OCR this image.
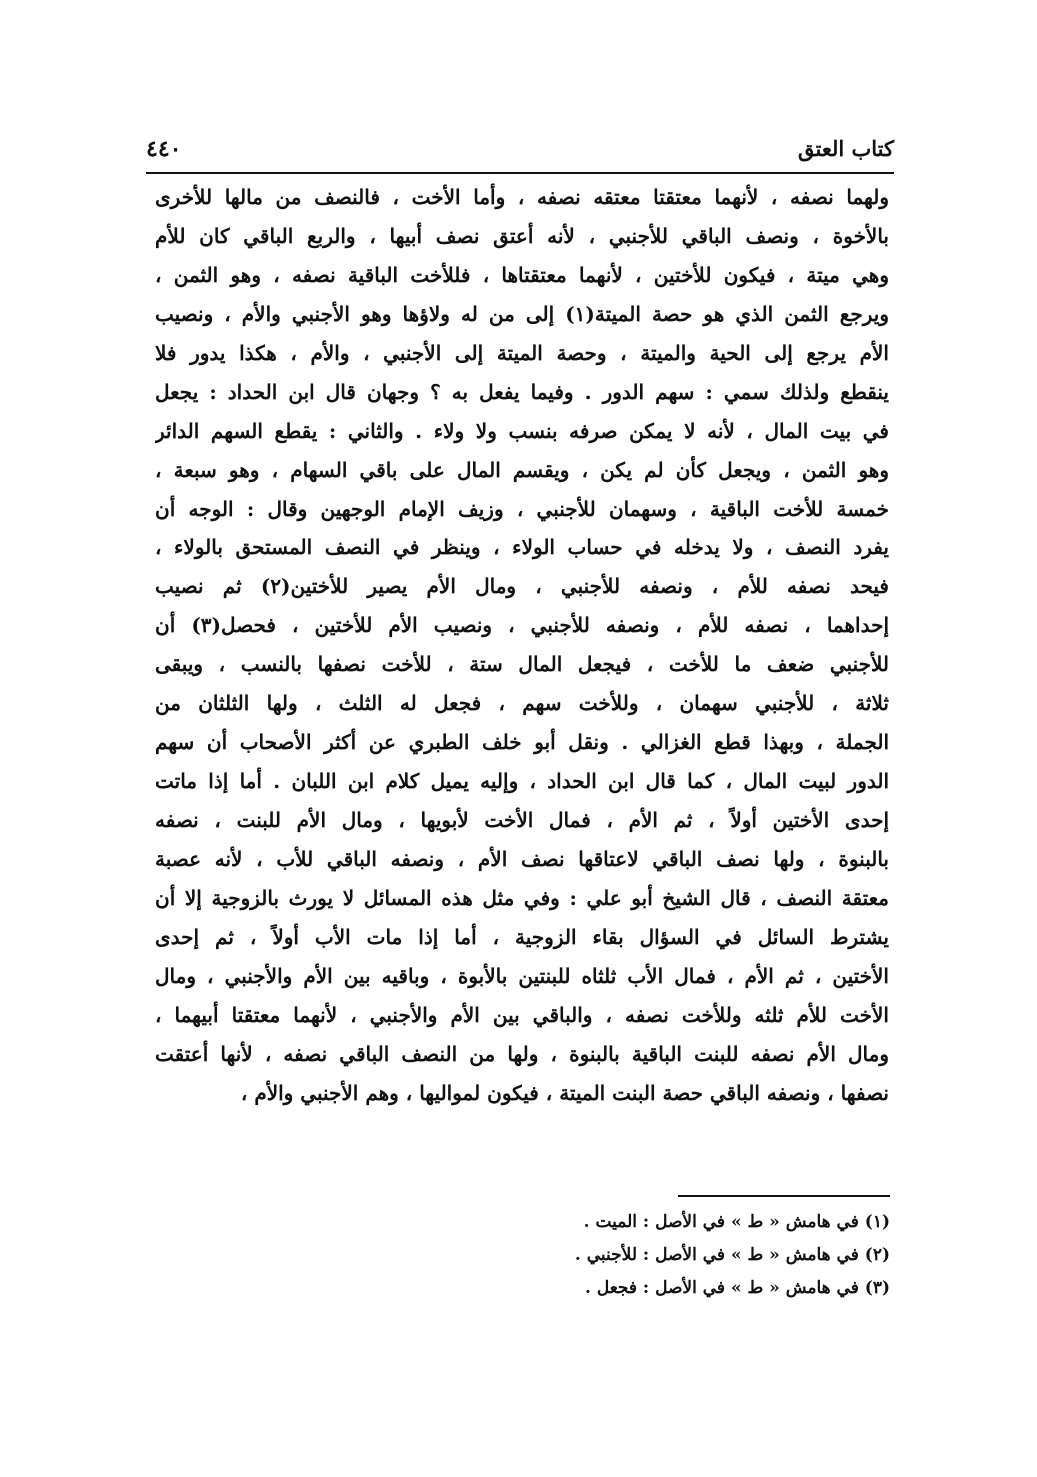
كتاب العتق
٤٤٠
ولهما نصفه ، لأنهما معتقتا معتقه نصفه ، وأما الأخت ، فالنصف من مالها للأخرى
بالأخوة ، ونصف الباقي للأجنبي ، لأنه أعتق نصف أبيها ، والربع الباقي كان للأم
وهي ميتة ، فيكون للأختين ، لأنهما معتقتاها ، فللأخت الباقية نصفه ، وهو الثمن ،
ويرجع الثمن الذي هو حصة الميتة(١) إلى من له ولاؤها وهو الأجنبي والأم ، ونصيب
الأم يرجع إلى الحية والميتة ، وحصة الميتة إلى الأجنبي ، والأم ، هكذا يدور فلا
ينقطع ولذلك سمي : سهم الدور . وفيما يفعل به ؟ وجهان قال ابن الحداد : يجعل
في بيت المال ، لأنه لا يمكن صرفه بنسب ولا ولاء . والثاني : يقطع السهم الدائر
وهو الثمن ، ويجعل كأن لم يكن ، ويقسم المال على باقي السهام ، وهو سبعة ،
خمسة للأخت الباقية ، وسهمان للأجنبي ، وزيف الإمام الوجهين وقال : الوجه أن
يفرد النصف ، ولا يدخله في حساب الولاء ، وينظر في النصف المستحق بالولاء ،
فيحد نصفه للأم ، ونصفه للأجنبي ، ومال الأم يصير للأختين(٢) ثم نصيب
إحداهما ، نصفه للأم ، ونصفه للأجنبي ، ونصيب الأم للأختين ، فحصل(٣) أن
للأجنبي ضعف ما للأخت ، فيجعل المال ستة ، للأخت نصفها بالنسب ، ويبقى
ثلاثة ، للأجنبي سهمان ، وللأخت سهم ، فجعل له الثلث ، ولها الثلثان من
الجملة ، وبهذا قطع الغزالي . ونقل أبو خلف الطبري عن أكثر الأصحاب أن سهم
الدور لبيت المال ، كما قال ابن الحداد ، وإليه يميل كلام ابن اللبان . أما إذا ماتت
إحدى الأختين أولاً ، ثم الأم ، فمال الأخت لأبويها ، ومال الأم للبنت ، نصفه
بالبنوة ، ولها نصف الباقي لاعتاقها نصف الأم ، ونصفه الباقي للأب ، لأنه عصبة
معتقة النصف ، قال الشيخ أبو علي : وفي مثل هذه المسائل لا يورث بالزوجية إلا أن
يشترط السائل في السؤال بقاء الزوجية ، أما إذا مات الأب أولاً ، ثم إحدى
الأختين ، ثم الأم ، فمال الأب ثلثاه للبنتين بالأبوة ، وباقيه بين الأم والأجنبي ، ومال
الأخت للأم ثلثه وللأخت نصفه ، والباقي بين الأم والأجنبي ، لأنهما معتقتا أبيهما ،
ومال الأم نصفه للبنت الباقية بالبنوة ، ولها من النصف الباقي نصفه ، لأنها أعتقت
نصفها ، ونصفه الباقي حصة البنت الميتة ، فيكون لمواليها ، وهم الأجنبي والأم ،
(١) في هامش « ط » في الأصل : الميت .
(٢) في هامش « ط » في الأصل : للأجنبي .
(٣) في هامش « ط » في الأصل : فجعل .
